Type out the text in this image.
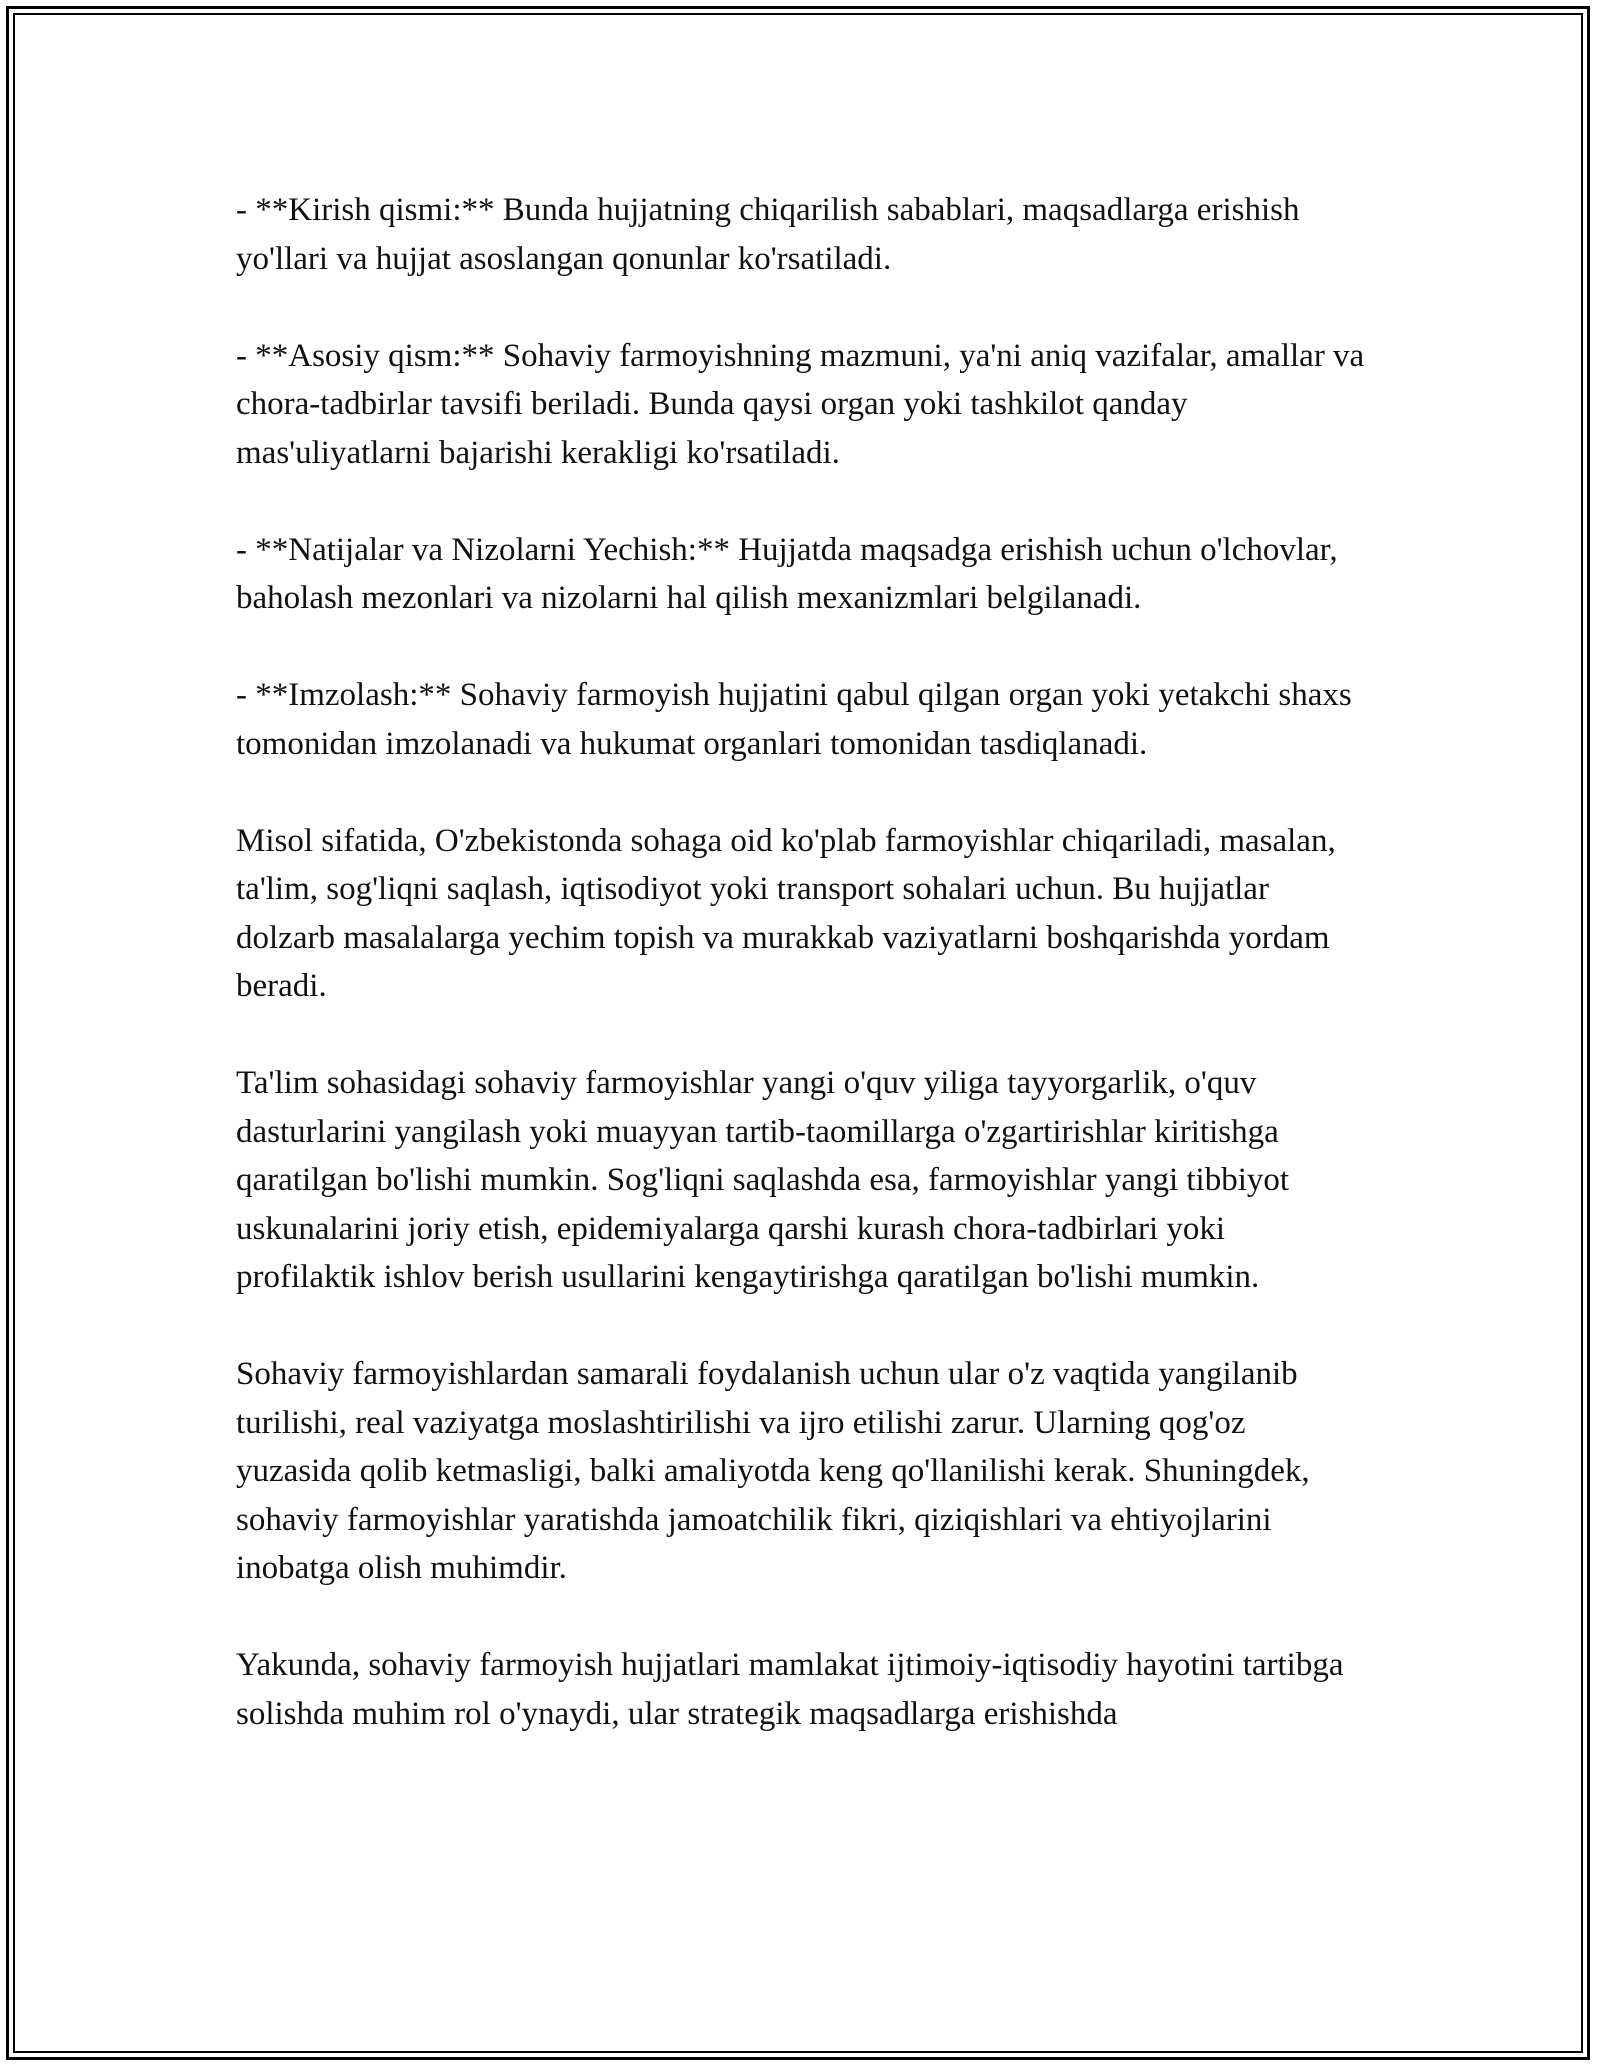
- **Kirish qismi:** Bunda hujjatning chiqarilish sabablari, maqsadlarga erishish yo'llari va hujjat asoslangan qonunlar ko'rsatiladi.

- **Asosiy qism:** Sohaviy farmoyishning mazmuni, ya'ni aniq vazifalar, amallar va chora-tadbirlar tavsifi beriladi. Bunda qaysi organ yoki tashkilot qanday mas'uliyatlarni bajarishi kerakligi ko'rsatiladi.

- **Natijalar va Nizolarni Yechish:** Hujjatda maqsadga erishish uchun o'lchovlar, baholash mezonlari va nizolarni hal qilish mexanizmlari belgilanadi.

- **Imzolash:** Sohaviy farmoyish hujjatini qabul qilgan organ yoki yetakchi shaxs tomonidan imzolanadi va hukumat organlari tomonidan tasdiqlanadi.

Misol sifatida, O'zbekistonda sohaga oid ko'plab farmoyishlar chiqariladi, masalan, ta'lim, sog'liqni saqlash, iqtisodiyot yoki transport sohalari uchun. Bu hujjatlar dolzarb masalalarga yechim topish va murakkab vaziyatlarni boshqarishda yordam beradi.

Ta'lim sohasidagi sohaviy farmoyishlar yangi o'quv yiliga tayyorgarlik, o'quv dasturlarini yangilash yoki muayyan tartib-taomillarga o'zgartirishlar kiritishga qaratilgan bo'lishi mumkin. Sog'liqni saqlashda esa, farmoyishlar yangi tibbiyot uskunalarini joriy etish, epidemiyalarga qarshi kurash chora-tadbirlari yoki profilaktik ishlov berish usullarini kengaytirishga qaratilgan bo'lishi mumkin.

Sohaviy farmoyishlardan samarali foydalanish uchun ular o'z vaqtida yangilanib turilishi, real vaziyatga moslashtirilishi va ijro etilishi zarur. Ularning qog'oz yuzasida qolib ketmasligi, balki amaliyotda keng qo'llanilishi kerak. Shuningdek, sohaviy farmoyishlar yaratishda jamoatchilik fikri, qiziqishlari va ehtiyojlarini inobatga olish muhimdir.

Yakunda, sohaviy farmoyish hujjatlari mamlakat ijtimoiy-iqtisodiy hayotini tartibga solishda muhim rol o'ynaydi, ular strategik maqsadlarga erishishda
